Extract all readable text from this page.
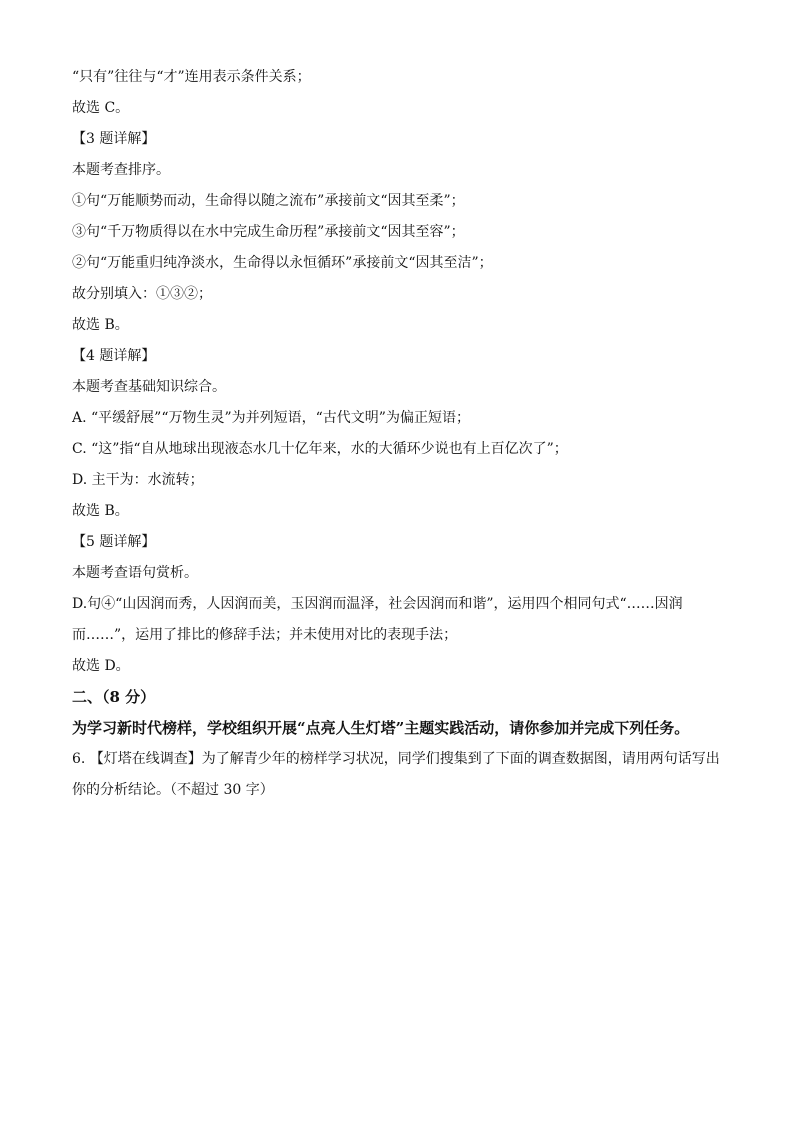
“只有”往往与“才”连用表示条件关系；
故选 C。
【3 题详解】
本题考查排序。
①句“万能顺势而动，生命得以随之流布”承接前文“因其至柔”；
③句“千万物质得以在水中完成生命历程”承接前文“因其至容”；
②句“万能重归纯净淡水，生命得以永恒循环”承接前文“因其至洁”；
故分别填入：①③②；
故选 B。
【4 题详解】
本题考查基础知识综合。
A. “平缓舒展”“万物生灵”为并列短语，“古代文明”为偏正短语；
C. “这”指“自从地球出现液态水几十亿年来，水的大循环少说也有上百亿次了”；
D. 主干为：水流转；
故选 B。
【5 题详解】
本题考查语句赏析。
D.句④“山因润而秀，人因润而美，玉因润而温泽，社会因润而和谐”，运用四个相同句式“……因润而……”，运用了排比的修辞手法；并未使用对比的表现手法；
故选 D。
二、（8 分）
为学习新时代榜样，学校组织开展“点亮人生灯塔”主题实践活动，请你参加并完成下列任务。
6. 【灯塔在线调查】为了解青少年的榜样学习状况，同学们搜集到了下面的调查数据图，请用两句话写出你的分析结论。（不超过 30 字）
